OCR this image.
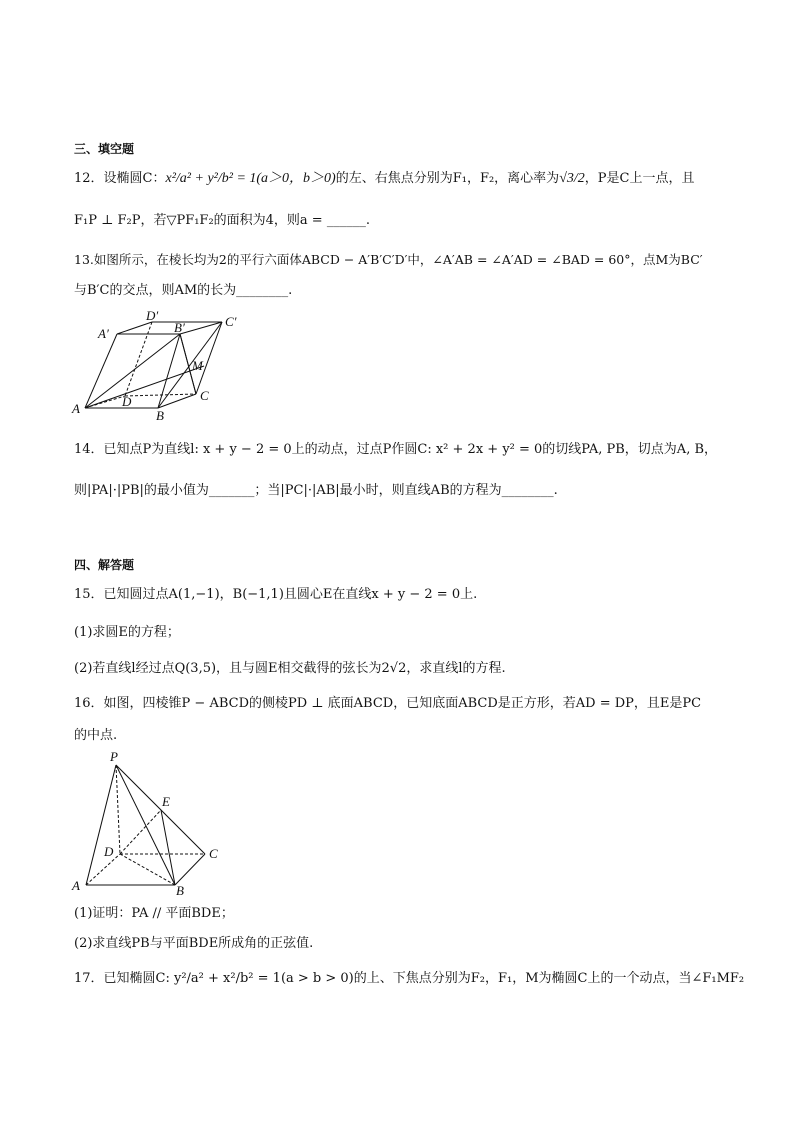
三、填空题
12．设椭圆C：x²/a² + y²/b² = 1(a＞0，b＞0)的左、右焦点分别为F₁，F₂，离心率为√3/2，P是C上一点，且
F₁P ⊥ F₂P，若▽PF₁F₂的面积为4，则a = ______.
13.如图所示，在棱长均为2的平行六面体ABCD − A′B′C′D′中，∠A′AB = ∠A′AD = ∠BAD = 60°，点M为BC′
与B′C的交点，则AM的长为________.
A′
D′
B′	C′
M
A	D
B
C
14．已知点P为直线l: x + y − 2 = 0上的动点，过点P作圆C: x² + 2x + y² = 0的切线PA, PB，切点为A, B，
则|PA|·|PB|的最小值为_______；当|PC|·|AB|最小时，则直线AB的方程为________.
四、解答题
15．已知圆过点A(1,−1)，B(−1,1)且圆心E在直线x + y − 2 = 0上.
(1)求圆E的方程；
(2)若直线l经过点Q(3,5)，且与圆E相交截得的弦长为2√2，求直线l的方程.
16．如图，四棱锥P − ABCD的侧棱PD ⊥ 底面ABCD，已知底面ABCD是正方形，若AD = DP，且E是PC
的中点.
P
E
D	C
A	B
(1)证明：PA // 平面BDE；
(2)求直线PB与平面BDE所成角的正弦值.
17．已知椭圆C: y²/a² + x²/b² = 1(a > b > 0)的上、下焦点分别为F₂，F₁，M为椭圆C上的一个动点，当∠F₁MF₂
